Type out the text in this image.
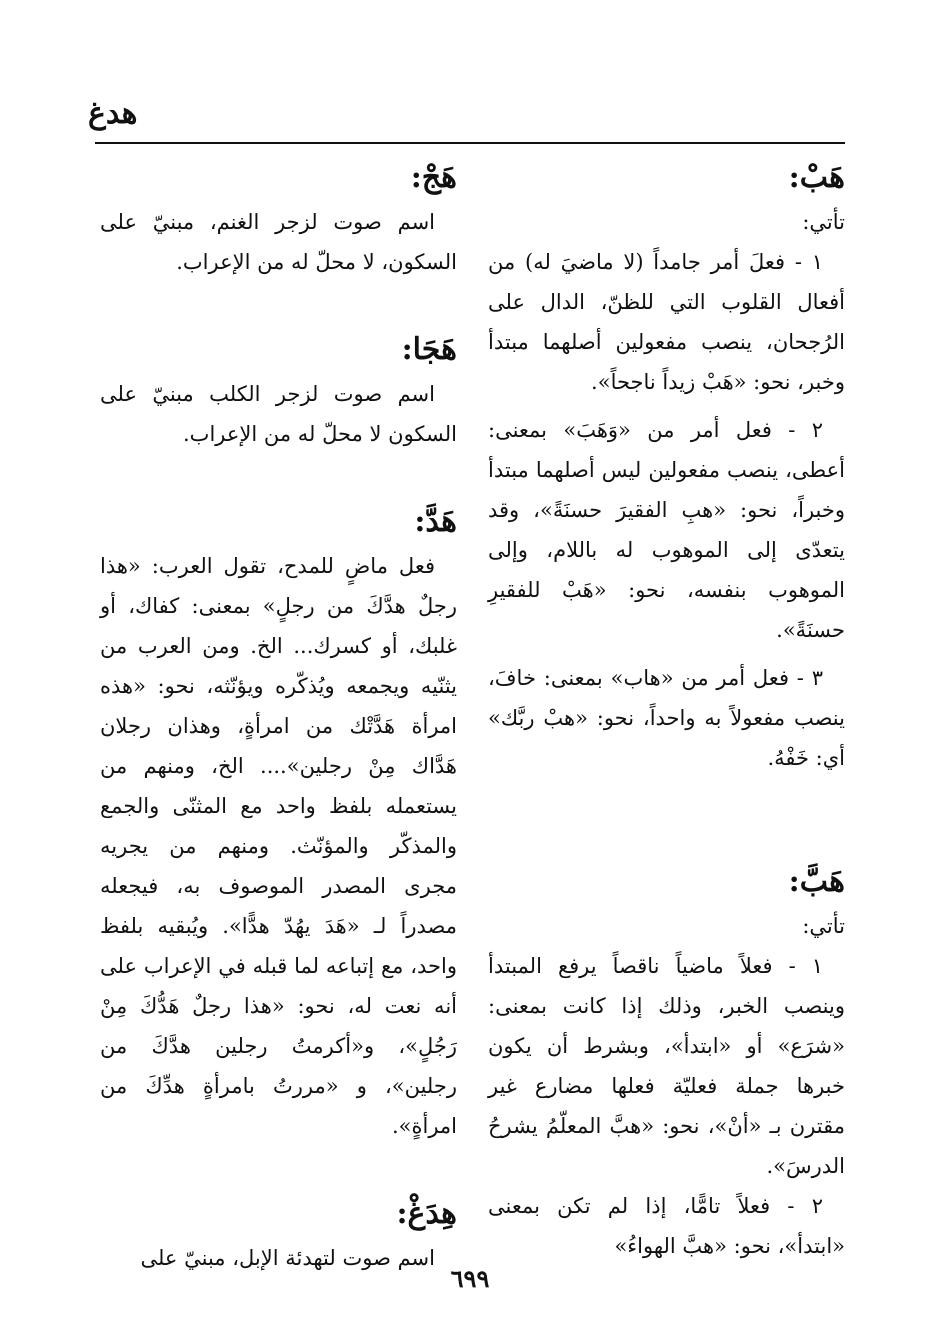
هدغ
هَبْ:
تأتي:

١ - فعلَ أمر جامداً (لا ماضيَ له) من أفعال القلوب التي للظنّ، الدال على الرُجحان، ينصب مفعولين أصلهما مبتدأ وخبر، نحو: «هَبْ زيداً ناجحاً».

٢ - فعل أمر من «وَهَبَ» بمعنى: أعطى، ينصب مفعولين ليس أصلهما مبتدأ وخبراً، نحو: «هبِ الفقيرَ حسنَةً»، وقد يتعدّى إلى الموهوب له باللام، وإلى الموهوب بنفسه، نحو: «هَبْ للفقيرِ حسنَةً».

٣ - فعل أمر من «هاب» بمعنى: خافَ، ينصب مفعولاً به واحداً، نحو: «هبْ ربَّك» أي: خَفْهُ.

هَبَّ:
تأتي:

١ - فعلاً ماضياً ناقصاً يرفع المبتدأ وينصب الخبر، وذلك إذا كانت بمعنى: «شرَع» أو «ابتدأ»، وبشرط أن يكون خبرها جملة فعليّة فعلها مضارع غير مقترن بـ «أنْ»، نحو: «هبَّ المعلّمُ يشرحُ الدرسَ».

٢ - فعلاً تامًّا، إذا لم تكن بمعنى «ابتدأ»، نحو: «هبَّ الهواءُ»

هَجْ:

اسم صوت لزجر الغنم، مبنيّ على السكون، لا محلّ له من الإعراب.

هَجَا:

اسم صوت لزجر الكلب مبنيّ على السكون لا محلّ له من الإعراب.

هَدَّ:

فعل ماضٍ للمدح، تقول العرب: «هذا رجلٌ هدَّكَ من رجلٍ» بمعنى: كفاك، أو غلبك، أو كسرك... الخ. ومن العرب من يثنّيه ويجمعه ويُذكّره ويؤنّثه، نحو: «هذه امرأة هَدَّتْك من امرأةٍ، وهذان رجلان هَدَّاك مِنْ رجلين».... الخ، ومنهم من يستعمله بلفظ واحد مع المثنّى والجمع والمذكّر والمؤنّث. ومنهم من يجريه مجرى المصدر الموصوف به، فيجعله مصدراً لـ «هَدَ يهُدّ هدًّا». ويُبقيه بلفظ واحد، مع إتباعه لما قبله في الإعراب على أنه نعت له، نحو: «هذا رجلٌ هَدُّكَ مِنْ رَجُلٍ»، و«أكرمتُ رجلين هدَّكَ من رجلين»، و «مررتُ بامرأةٍ هدِّكَ من امرأةٍ».

هِدَغْ:

اسم صوت لتهدئة الإبل، مبنيّ على

٦٩٩
